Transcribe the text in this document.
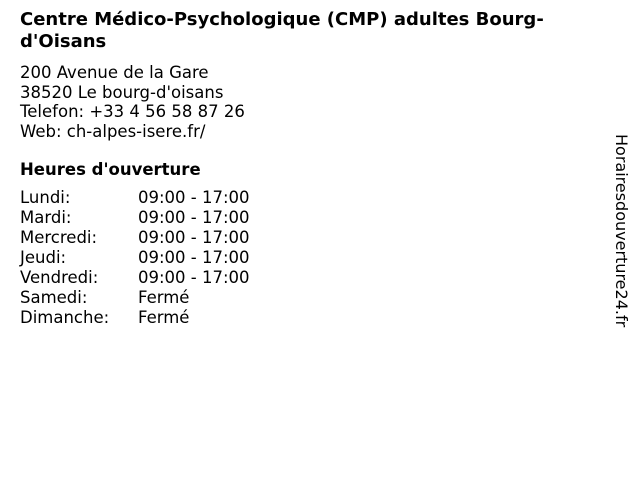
Centre Médico-Psychologique (CMP) adultes Bourg-d'Oisans
200 Avenue de la Gare
38520 Le bourg-d'oisans
Telefon: +33 4 56 58 87 26
Web: ch-alpes-isere.fr/
Heures d'ouverture
Lundi:	09:00 - 17:00
Mardi:	09:00 - 17:00
Mercredi:	09:00 - 17:00
Jeudi:	09:00 - 17:00
Vendredi:	09:00 - 17:00
Samedi:	Fermé
Dimanche:	Fermé	Horairesdouverture24.fr
